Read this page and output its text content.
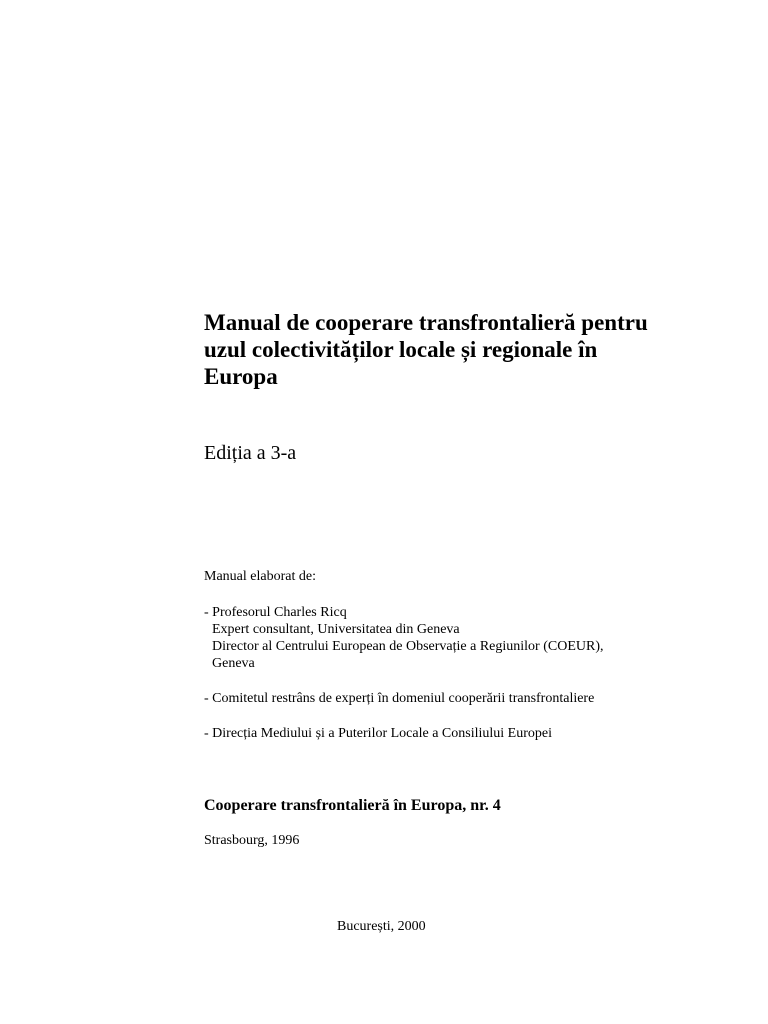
Manual de cooperare transfrontalieră pentru
uzul colectivităților locale și regionale în
Europa
Ediția a 3-a
Manual elaborat de:
- Profesorul Charles Ricq
Expert consultant, Universitatea din Geneva
Director al Centrului European de Observație a Regiunilor (COEUR),
Geneva
- Comitetul restrâns de experți în domeniul cooperării transfrontaliere
- Direcția Mediului și a Puterilor Locale a Consiliului Europei
Cooperare transfrontalieră în Europa, nr. 4
Strasbourg, 1996
București, 2000
